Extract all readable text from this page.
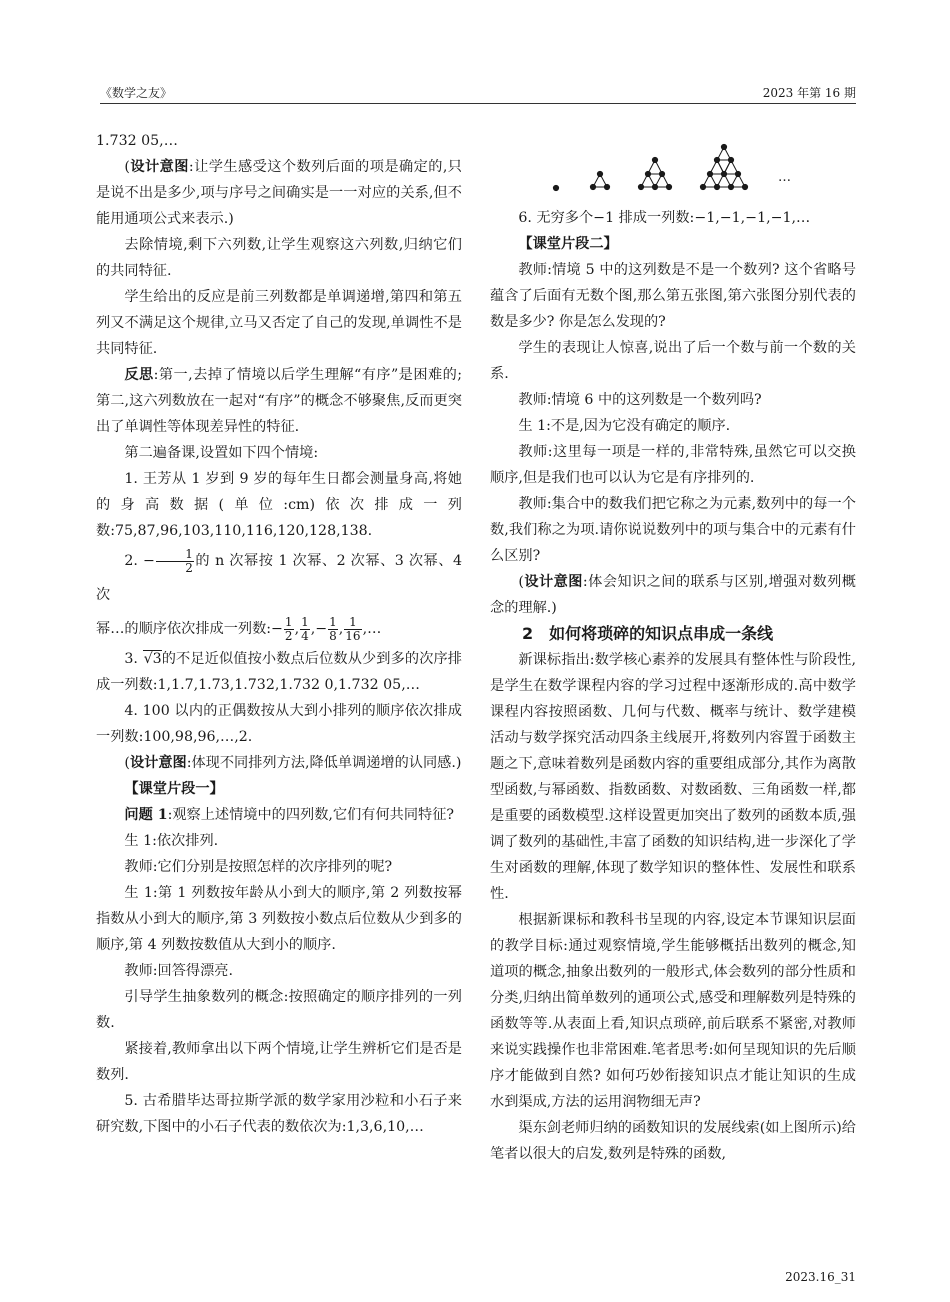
《数学之友》	2023 年第 16 期

1.732 05,…

(设计意图:让学生感受这个数列后面的项是确定的,只是说不出是多少,项与序号之间确实是一一对应的关系,但不能用通项公式来表示.)

去除情境,剩下六列数,让学生观察这六列数,归纳它们的共同特征.

学生给出的反应是前三列数都是单调递增,第四和第五列又不满足这个规律,立马又否定了自己的发现,单调性不是共同特征.

反思:第一,去掉了情境以后学生理解“有序”是困难的;第二,这六列数放在一起对“有序”的概念不够聚焦,反而更突出了单调性等体现差异性的特征.

第二遍备课,设置如下四个情境:

1. 王芳从 1 岁到 9 岁的每年生日都会测量身高,将她的身高数据(单位:cm)依次排成一列数:75,87,96,103,110,116,120,128,138.

2. − $\frac{1}{2}$ 的 n 次幂按 1 次幂、2 次幂、3 次幂、4 次

幂…的顺序依次排成一列数:− $\frac{1}{2}$ , $\frac{1}{4}$ ,− $\frac{1}{8}$ , $\frac{1}{16}$ ,…

3. √3的不足近似值按小数点后位数从少到多的次序排成一列数:1,1.7,1.73,1.732,1.732 0,1.732 05,…

4. 100 以内的正偶数按从大到小排列的顺序依次排成一列数:100,98,96,…,2.

(设计意图:体现不同排列方法,降低单调递增的认同感.)

【课堂片段一】

问题 1:观察上述情境中的四列数,它们有何共同特征?

生 1:依次排列.

教师:它们分别是按照怎样的次序排列的呢?

生 1:第 1 列数按年龄从小到大的顺序,第 2 列数按幂指数从小到大的顺序,第 3 列数按小数点后位数从少到多的顺序,第 4 列数按数值从大到小的顺序.

教师:回答得漂亮.

引导学生抽象数列的概念:按照确定的顺序排列的一列数.

紧接着,教师拿出以下两个情境,让学生辨析它们是否是数列.

5. 古希腊毕达哥拉斯学派的数学家用沙粒和小石子来研究数,下图中的小石子代表的数依次为:1,3,6,10,…

…

6. 无穷多个−1 排成一列数:−1,−1,−1,−1,…

【课堂片段二】

教师:情境 5 中的这列数是不是一个数列? 这个省略号蕴含了后面有无数个图,那么第五张图,第六张图分别代表的数是多少? 你是怎么发现的?

学生的表现让人惊喜,说出了后一个数与前一个数的关系.

教师:情境 6 中的这列数是一个数列吗?

生 1:不是,因为它没有确定的顺序.

教师:这里每一项是一样的,非常特殊,虽然它可以交换顺序,但是我们也可以认为它是有序排列的.

教师:集合中的数我们把它称之为元素,数列中的每一个数,我们称之为项.请你说说数列中的项与集合中的元素有什么区别?

(设计意图:体会知识之间的联系与区别,增强对数列概念的理解.)

2　如何将琐碎的知识点串成一条线

新课标指出:数学核心素养的发展具有整体性与阶段性,是学生在数学课程内容的学习过程中逐渐形成的.高中数学课程内容按照函数、几何与代数、概率与统计、数学建模活动与数学探究活动四条主线展开,将数列内容置于函数主题之下,意味着数列是函数内容的重要组成部分,其作为离散型函数,与幂函数、指数函数、对数函数、三角函数一样,都是重要的函数模型.这样设置更加突出了数列的函数本质,强调了数列的基础性,丰富了函数的知识结构,进一步深化了学生对函数的理解,体现了数学知识的整体性、发展性和联系性.

根据新课标和教科书呈现的内容,设定本节课知识层面的教学目标:通过观察情境,学生能够概括出数列的概念,知道项的概念,抽象出数列的一般形式,体会数列的部分性质和分类,归纳出简单数列的通项公式,感受和理解数列是特殊的函数等等.从表面上看,知识点琐碎,前后联系不紧密,对教师来说实践操作也非常困难.笔者思考:如何呈现知识的先后顺序才能做到自然? 如何巧妙衔接知识点才能让知识的生成水到渠成,方法的运用润物细无声?

渠东剑老师归纳的函数知识的发展线索(如上图所示)给笔者以很大的启发,数列是特殊的函数,

2023.16_31
